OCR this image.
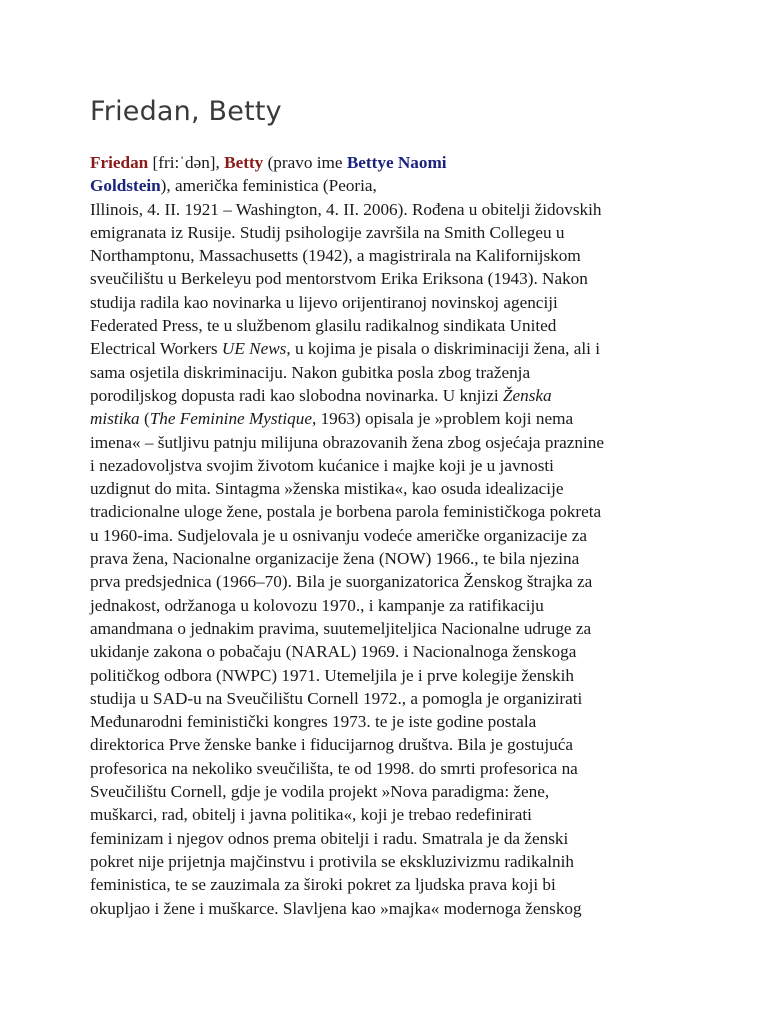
Friedan, Betty
Friedan [fri:ˈdən], Betty (pravo ime Bettye Naomi
Goldstein), američka feministica (Peoria,
Illinois, 4. II. 1921 – Washington, 4. II. 2006). Rođena u obitelji židovskih
emigranata iz Rusije. Studij psihologije završila na Smith Collegeu u
Northamptonu, Massachusetts (1942), a magistrirala na Kalifornijskom
sveučilištu u Berkeleyu pod mentorstvom Erika Eriksona (1943). Nakon
studija radila kao novinarka u lijevo orijentiranoj novinskoj agenciji
Federated Press, te u službenom glasilu radikalnog sindikata United
Electrical Workers UE News, u kojima je pisala o diskriminaciji žena, ali i
sama osjetila diskriminaciju. Nakon gubitka posla zbog traženja
porodiljskog dopusta radi kao slobodna novinarka. U knjizi Ženska
mistika (The Feminine Mystique, 1963) opisala je »problem koji nema
imena« – šutljivu patnju milijuna obrazovanih žena zbog osjećaja praznine
i nezadovoljstva svojim životom kućanice i majke koji je u javnosti
uzdignut do mita. Sintagma »ženska mistika«, kao osuda idealizacije
tradicionalne uloge žene, postala je borbena parola feminističkoga pokreta
u 1960-ima. Sudjelovala je u osnivanju vodeće američke organizacije za
prava žena, Nacionalne organizacije žena (NOW) 1966., te bila njezina
prva predsjednica (1966–70). Bila je suorganizatorica Ženskog štrajka za
jednakost, održanoga u kolovozu 1970., i kampanje za ratifikaciju
amandmana o jednakim pravima, suutemeljiteljica Nacionalne udruge za
ukidanje zakona o pobačaju (NARAL) 1969. i Nacionalnoga ženskoga
političkog odbora (NWPC) 1971. Utemeljila je i prve kolegije ženskih
studija u SAD-u na Sveučilištu Cornell 1972., a pomogla je organizirati
Međunarodni feministički kongres 1973. te je iste godine postala
direktorica Prve ženske banke i fiducijarnog društva. Bila je gostujuća
profesorica na nekoliko sveučilišta, te od 1998. do smrti profesorica na
Sveučilištu Cornell, gdje je vodila projekt »Nova paradigma: žene,
muškarci, rad, obitelj i javna politika«, koji je trebao redefinirati
feminizam i njegov odnos prema obitelji i radu. Smatrala je da ženski
pokret nije prijetnja majčinstvu i protivila se ekskluzivizmu radikalnih
feministica, te se zauzimala za široki pokret za ljudska prava koji bi
okupljao i žene i muškarce. Slavljena kao »majka« modernoga ženskog
